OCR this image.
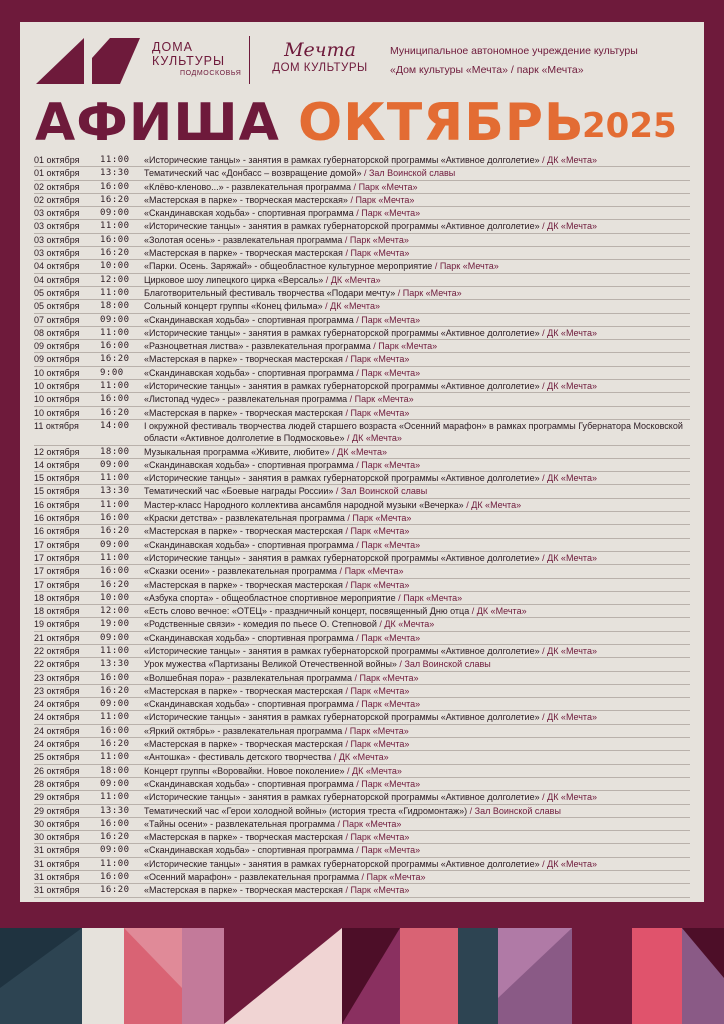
ДОМА
КУЛЬТУРЫ
ПОДМОСКОВЬЯ
Мечта
ДОМ КУЛЬТУРЫ
Муниципальное автономное учреждение культуры
«Дом культуры «Мечта» / парк «Мечта»
АФИША ОКТЯБРЬ
2025
01 октября	11:00	«Исторические танцы» - занятия в рамках губернаторской программы «Активное долголетие» / ДК «Мечта»
01 октября	13:30	Тематический час «Донбасс – возвращение домой» / Зал Воинской славы
02 октября	16:00	«Клёво-кленово...» - развлекательная программа / Парк «Мечта»
02 октября	16:20	«Мастерская в парке» - творческая мастерская» / Парк «Мечта»
03 октября	09:00	«Скандинавская ходьба» - спортивная программа / Парк «Мечта»
03 октября	11:00	«Исторические танцы» - занятия в рамках губернаторской программы «Активное долголетие» / ДК «Мечта»
03 октября	16:00	«Золотая осень» - развлекательная программа / Парк «Мечта»
03 октября	16:20	«Мастерская в парке» - творческая мастерская / Парк «Мечта»
04 октября	10:00	«Парки. Осень. Заряжай» - общеобластное культурное мероприятие / Парк «Мечта»
04 октября	12:00	Цирковое шоу липецкого цирка «Версаль» / ДК «Мечта»
05 октября	11:00	Благотворительный фестиваль творчества «Подари мечту» / Парк «Мечта»
05 октября	18:00	Сольный концерт группы «Конец фильма» / ДК «Мечта»
07 октября	09:00	«Скандинавская ходьба» - спортивная программа / Парк «Мечта»
08 октября	11:00	«Исторические танцы» - занятия в рамках губернаторской программы «Активное долголетие» / ДК «Мечта»
09 октября	16:00	«Разноцветная листва» - развлекательная программа / Парк «Мечта»
09 октября	16:20	«Мастерская в парке» - творческая мастерская / Парк «Мечта»
10 октября	9:00	«Скандинавская ходьба» - спортивная программа / Парк «Мечта»
10 октября	11:00	«Исторические танцы» - занятия в рамках губернаторской программы «Активное долголетие» / ДК «Мечта»
10 октября	16:00	«Листопад чудес» - развлекательная программа / Парк «Мечта»
10 октября	16:20	«Мастерская в парке» - творческая мастерская / Парк «Мечта»
11 октября	14:00	I окружной фестиваль творчества людей старшего возраста «Осенний марафон» в рамках программы Губернатора Московской области «Активное долголетие в Подмосковье» / ДК «Мечта»
12 октября	18:00	Музыкальная программа «Живите, любите» / ДК «Мечта»
14 октября	09:00	«Скандинавская ходьба» - спортивная программа / Парк «Мечта»
15 октября	11:00	«Исторические танцы» - занятия в рамках губернаторской программы «Активное долголетие» / ДК «Мечта»
15 октября	13:30	Тематический час «Боевые награды России» / Зал Воинской славы
16 октября	11:00	Мастер-класс Народного коллектива ансамбля народной музыки «Вечерка» / ДК «Мечта»
16 октября	16:00	«Краски детства» - развлекательная программа / Парк «Мечта»
16 октября	16:20	«Мастерская в парке» - творческая мастерская / Парк «Мечта»
17 октября	09:00	«Скандинавская ходьба» - спортивная программа / Парк «Мечта»
17 октября	11:00	«Исторические танцы» - занятия в рамках губернаторской программы «Активное долголетие» / ДК «Мечта»
17 октября	16:00	«Сказки осени» - развлекательная программа / Парк «Мечта»
17 октября	16:20	«Мастерская в парке» - творческая мастерская / Парк «Мечта»
18 октября	10:00	«Азбука спорта» - общеобластное спортивное мероприятие / Парк «Мечта»
18 октября	12:00	«Есть слово вечное: «ОТЕЦ» - праздничный концерт, посвященный Дню отца / ДК «Мечта»
19 октября	19:00	«Родственные связи» - комедия по пьесе О. Степновой / ДК «Мечта»
21 октября	09:00	«Скандинавская ходьба» - спортивная программа / Парк «Мечта»
22 октября	11:00	«Исторические танцы» - занятия в рамках губернаторской программы «Активное долголетие» / ДК «Мечта»
22 октября	13:30	Урок мужества «Партизаны Великой Отечественной войны» / Зал Воинской славы
23 октября	16:00	«Волшебная пора» - развлекательная программа / Парк «Мечта»
23 октября	16:20	«Мастерская в парке» - творческая мастерская / Парк «Мечта»
24 октября	09:00	«Скандинавская ходьба» - спортивная программа / Парк «Мечта»
24 октября	11:00	«Исторические танцы» - занятия в рамках губернаторской программы «Активное долголетие» / ДК «Мечта»
24 октября	16:00	«Яркий октябрь» - развлекательная программа / Парк «Мечта»
24 октября	16:20	«Мастерская в парке» - творческая мастерская / Парк «Мечта»
25 октября	11:00	«Антошка» - фестиваль детского творчества / ДК «Мечта»
26 октября	18:00	Концерт группы «Воровайки. Новое поколение» / ДК «Мечта»
28 октября	09:00	«Скандинавская ходьба» - спортивная программа / Парк «Мечта»
29 октября	11:00	«Исторические танцы» - занятия в рамках губернаторской программы «Активное долголетие» / ДК «Мечта»
29 октября	13:30	Тематический час «Герои холодной войны» (история треста «Гидромонтаж») / Зал Воинской славы
30 октября	16:00	«Тайны осени» - развлекательная программа / Парк «Мечта»
30 октября	16:20	«Мастерская в парке» - творческая мастерская / Парк «Мечта»
31 октября	09:00	«Скандинавская ходьба» - спортивная программа / Парк «Мечта»
31 октября	11:00	«Исторические танцы» - занятия в рамках губернаторской программы «Активное долголетие» / ДК «Мечта»
31 октября	16:00	«Осенний марафон» - развлекательная программа / Парк «Мечта»
31 октября	16:20	«Мастерская в парке» - творческая мастерская / Парк «Мечта»
